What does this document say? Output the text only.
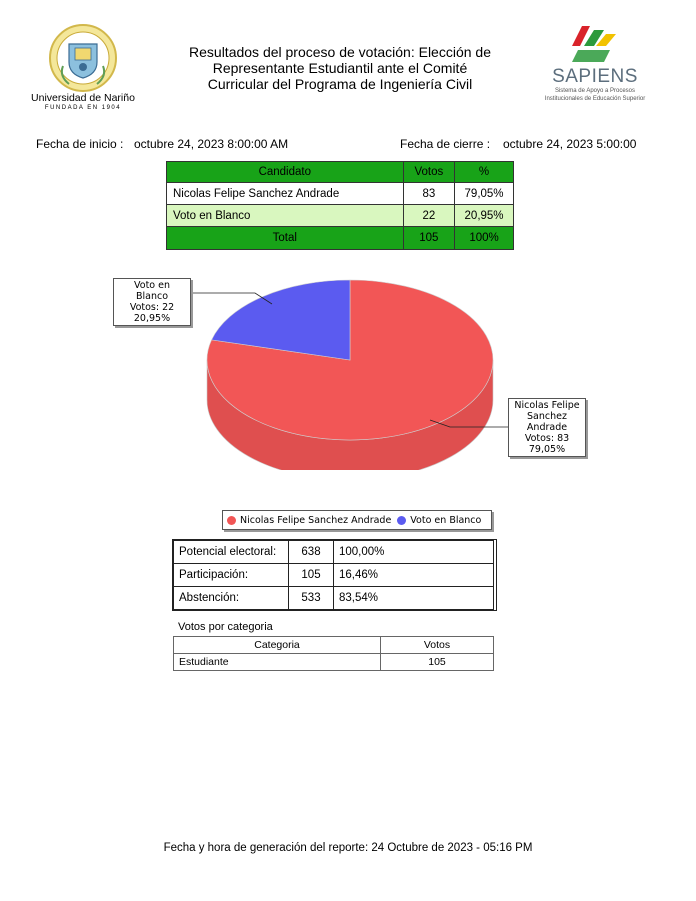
Universidad de Nariño
FUNDADA EN 1904
Resultados del proceso de votación: Elección de
Representante Estudiantil ante el Comité
Curricular del Programa de Ingeniería Civil	SAPIENS
Sistema de Apoyo a Procesos
Institucionales de Educación Superior
Fecha de inicio : octubre 24, 2023 8:00:00 AM	Fecha de cierre : octubre 24, 2023 5:00:00
Candidato	Votos	%
Nicolas Felipe Sanchez Andrade	83	79,05%
Voto en Blanco	22	20,95%
Total	105	100%
Voto en Blanco
Votos: 22
20,95%
Nicolas Felipe
Sanchez
Andrade
Votos: 83
79,05%
Nicolas Felipe Sanchez Andrade Voto en Blanco
Potencial electoral:	638	100,00%
Participación:	105	16,46%
Abstención:	533	83,54%
Votos por categoria
Categoria	Votos
Estudiante	105
Fecha y hora de generación del reporte: 24 Octubre de 2023 - 05:16 PM
